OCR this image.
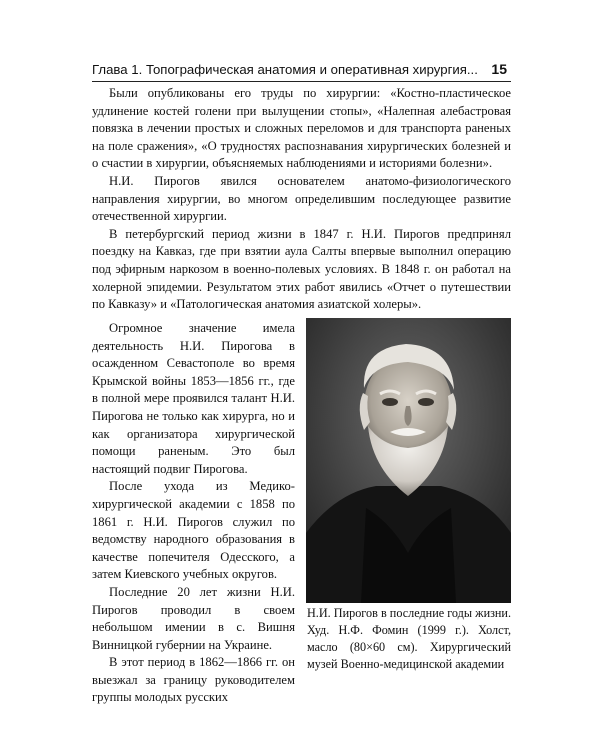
Глава 1. Топографическая анатомия и оперативная хирургия... 15

Были опубликованы его труды по хирургии: «Костно-пластическое удлинение костей голени при вылущении стопы», «Налепная алебастровая повязка в лечении простых и сложных переломов и для транспорта раненых на поле сражения», «О трудностях распознавания хирургических болезней и о счастии в хирургии, объясняемых наблюдениями и историями болезни».

Н.И. Пирогов явился основателем анатомо-физиологического направления хирургии, во многом определившим последующее развитие отечественной хирургии.

В петербургский период жизни в 1847 г. Н.И. Пирогов предпринял поездку на Кавказ, где при взятии аула Салты впервые выполнил операцию под эфирным наркозом в военно-полевых условиях. В 1848 г. он работал на холерной эпидемии. Результатом этих работ явились «Отчет о путешествии по Кавказу» и «Патологическая анатомия азиатской холеры».

Огромное значение имела деятельность Н.И. Пирогова в осажденном Севастополе во время Крымской войны 1853—1856 гг., где в полной мере проявился талант Н.И. Пирогова не только как хирурга, но и как организатора хирургической помощи раненым. Это был настоящий подвиг Пирогова.

После ухода из Медико-хирургической академии с 1858 по 1861 г. Н.И. Пирогов служил по ведомству народного образования в качестве попечителя Одесского, а затем Киевского учебных округов.

Последние 20 лет жизни Н.И. Пирогов проводил в своем небольшом имении в с. Вишня Винницкой губернии на Украине.

В этот период в 1862—1866 гг. он выезжал за границу руководителем группы молодых русских

Н.И. Пирогов в последние годы жизни. Худ. Н.Ф. Фомин (1999 г.). Холст, масло (80×60 см). Хирургический музей Военно-медицинской академии
